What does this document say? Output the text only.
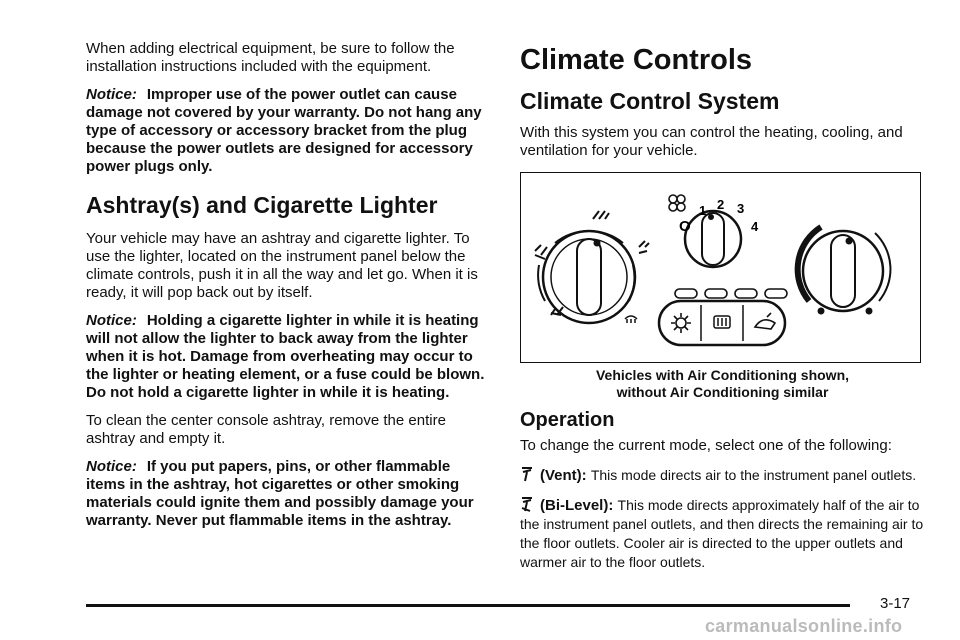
When adding electrical equipment, be sure to follow the installation instructions included with the equipment.

Notice: Improper use of the power outlet can cause damage not covered by your warranty. Do not hang any type of accessory or accessory bracket from the plug because the power outlets are designed for accessory power plugs only.

Ashtray(s) and Cigarette Lighter

Your vehicle may have an ashtray and cigarette lighter. To use the lighter, located on the instrument panel below the climate controls, push it in all the way and let go. When it is ready, it will pop back out by itself.

Notice: Holding a cigarette lighter in while it is heating will not allow the lighter to back away from the lighter when it is hot. Damage from overheating may occur to the lighter or heating element, or a fuse could be blown. Do not hold a cigarette lighter in while it is heating.

To clean the center console ashtray, remove the entire ashtray and empty it.

Notice: If you put papers, pins, or other flammable items in the ashtray, hot cigarettes or other smoking materials could ignite them and possibly damage your warranty. Never put flammable items in the ashtray.

Climate Controls
Climate Control System

With this system you can control the heating, cooling, and ventilation for your vehicle.

O
1 2 3
4
Vehicles with Air Conditioning shown,
without Air Conditioning similar
Operation

To change the current mode, select one of the following:

(Vent): This mode directs air to the instrument panel outlets.

(Bi-Level): This mode directs approximately half of the air to the instrument panel outlets, and then directs the remaining air to the floor outlets. Cooler air is directed to the upper outlets and warmer air to the floor outlets.

3-17
carmanualsonline.info
